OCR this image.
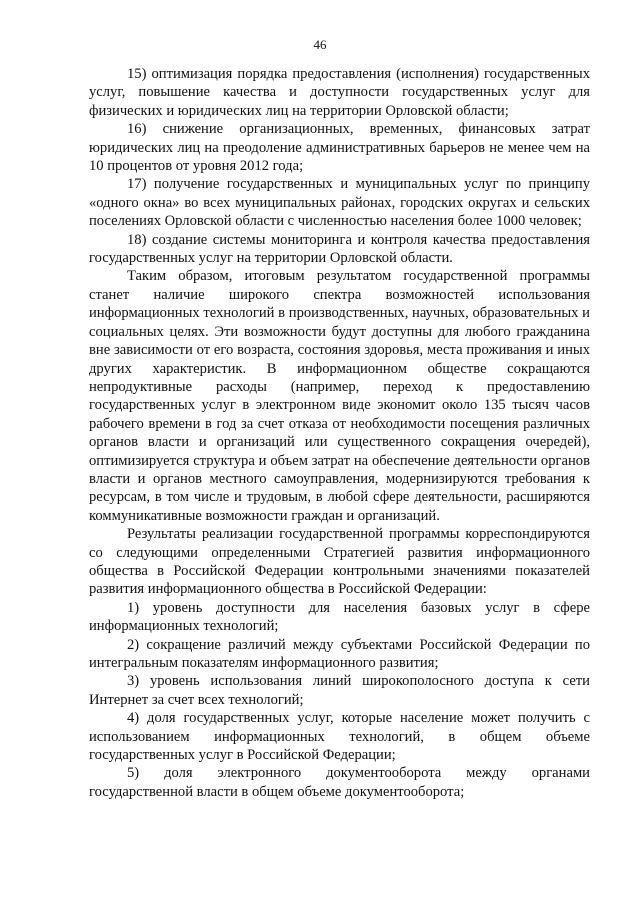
46

15) оптимизация порядка предоставления (исполнения) государственных услуг, повышение качества и доступности государственных услуг для физических и юридических лиц на территории Орловской области;

16) снижение организационных, временных, финансовых затрат юридических лиц на преодоление административных барьеров не менее чем на 10 процентов от уровня 2012 года;

17) получение государственных и муниципальных услуг по принципу «одного окна» во всех муниципальных районах, городских округах и сельских поселениях Орловской области с численностью населения более 1000 человек;

18) создание системы мониторинга и контроля качества предоставления государственных услуг на территории Орловской области.

Таким образом, итоговым результатом государственной программы станет наличие широкого спектра возможностей использования информационных технологий в производственных, научных, образовательных и социальных целях. Эти возможности будут доступны для любого гражданина вне зависимости от его возраста, состояния здоровья, места проживания и иных других характеристик. В информационном обществе сокращаются непродуктивные расходы (например, переход к предоставлению государственных услуг в электронном виде экономит около 135 тысяч часов рабочего времени в год за счет отказа от необходимости посещения различных органов власти и организаций или существенного сокращения очередей), оптимизируется структура и объем затрат на обеспечение деятельности органов власти и органов местного самоуправления, модернизируются требования к ресурсам, в том числе и трудовым, в любой сфере деятельности, расширяются коммуникативные возможности граждан и организаций.

Результаты реализации государственной программы корреспондируются со следующими определенными Стратегией развития информационного общества в Российской Федерации контрольными значениями показателей развития информационного общества в Российской Федерации:

1) уровень доступности для населения базовых услуг в сфере информационных технологий;

2) сокращение различий между субъектами Российской Федерации по интегральным показателям информационного развития;

3) уровень использования линий широкополосного доступа к сети Интернет за счет всех технологий;

4) доля государственных услуг, которые население может получить с использованием информационных технологий, в общем объеме государственных услуг в Российской Федерации;

5) доля электронного документооборота между органами государственной власти в общем объеме документооборота;
